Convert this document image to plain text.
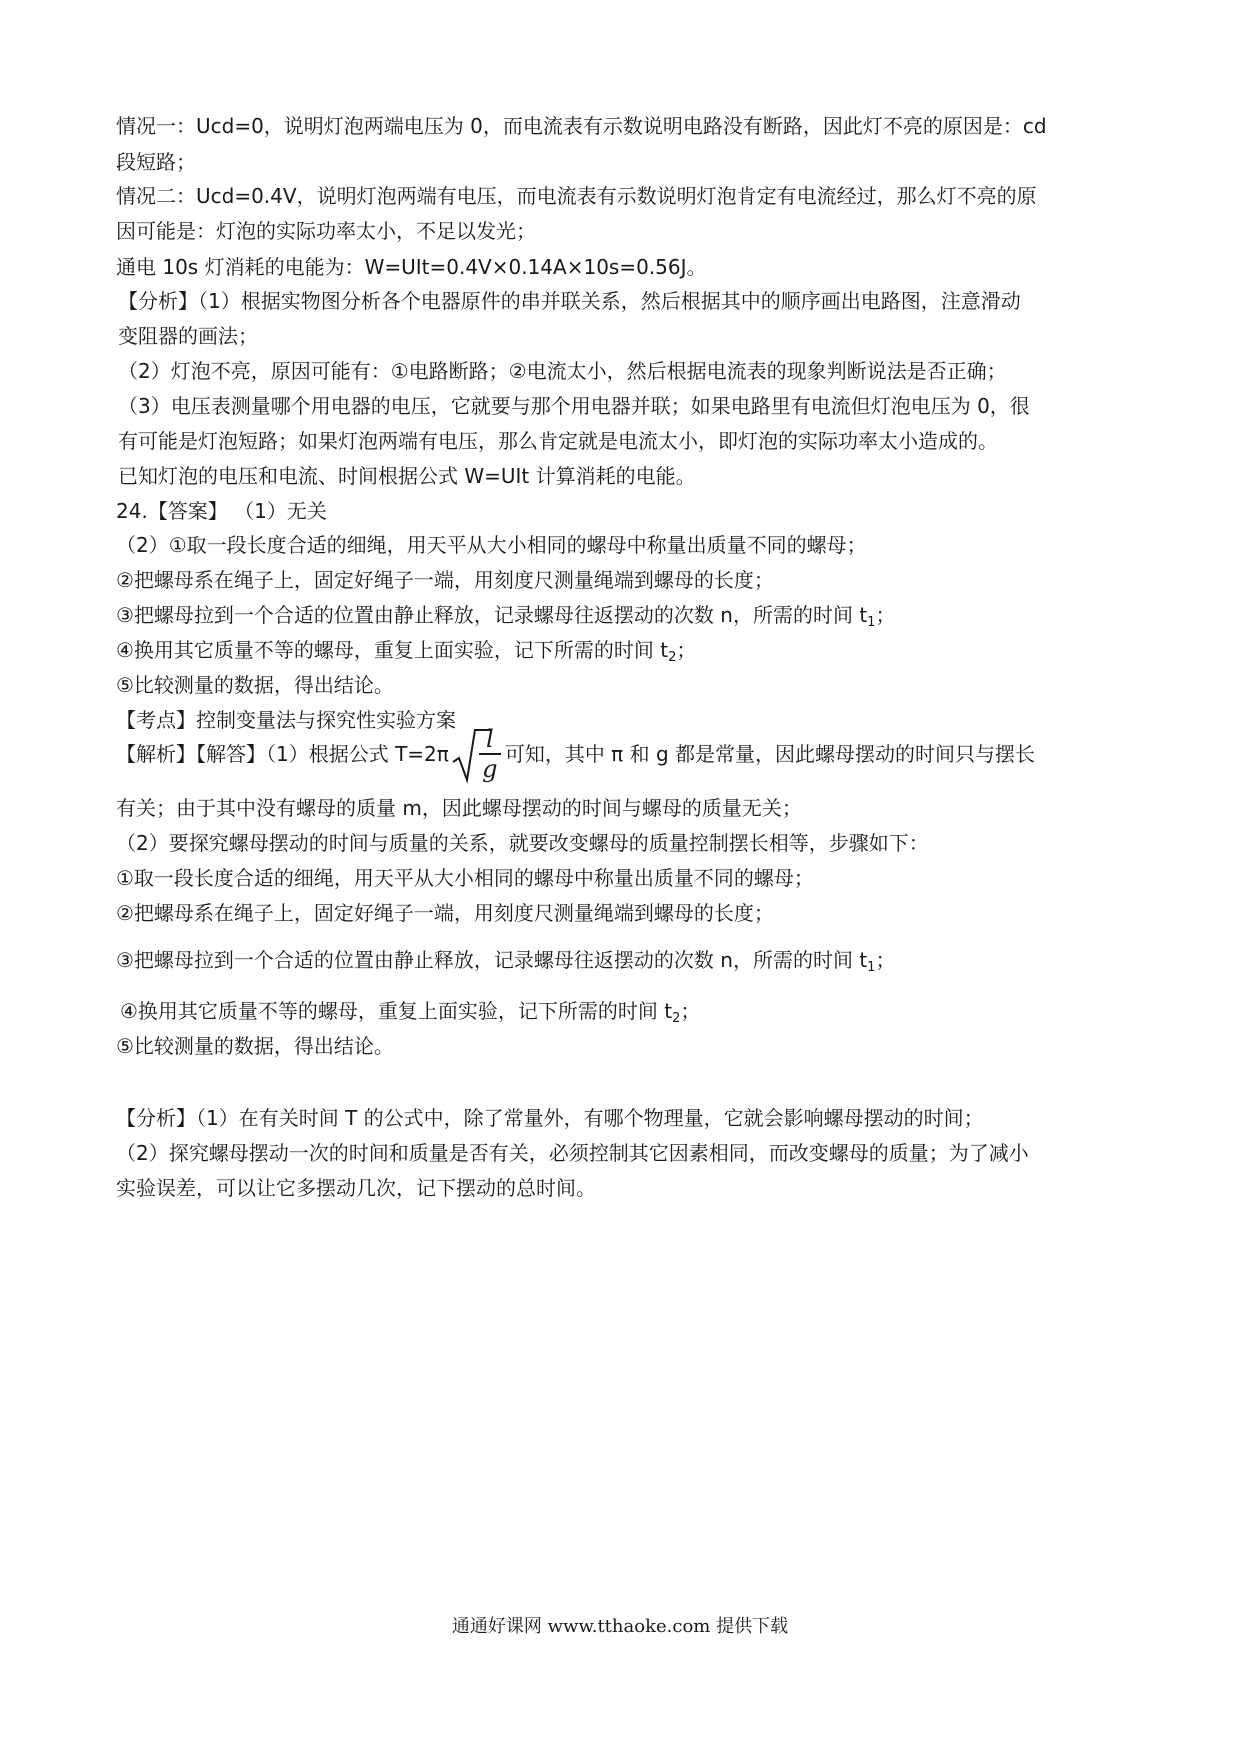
情况一：Ucd=0，说明灯泡两端电压为 0，而电流表有示数说明电路没有断路，因此灯不亮的原因是：cd
段短路；
情况二：Ucd=0.4V，说明灯泡两端有电压，而电流表有示数说明灯泡肯定有电流经过，那么灯不亮的原
因可能是：灯泡的实际功率太小，不足以发光；
通电 10s 灯消耗的电能为：W=UIt=0.4V×0.14A×10s=0.56J。
【分析】（1）根据实物图分析各个电器原件的串并联关系，然后根据其中的顺序画出电路图，注意滑动
变阻器的画法；
（2）灯泡不亮，原因可能有：①电路断路；②电流太小，然后根据电流表的现象判断说法是否正确；
（3）电压表测量哪个用电器的电压，它就要与那个用电器并联；如果电路里有电流但灯泡电压为 0，很
有可能是灯泡短路；如果灯泡两端有电压，那么肯定就是电流太小，即灯泡的实际功率太小造成的。
已知灯泡的电压和电流、时间根据公式 W=UIt 计算消耗的电能。
24.【答案】 （1）无关
（2）①取一段长度合适的细绳，用天平从大小相同的螺母中称量出质量不同的螺母；
②把螺母系在绳子上，固定好绳子一端，用刻度尺测量绳端到螺母的长度；
③把螺母拉到一个合适的位置由静止释放，记录螺母往返摆动的次数 n，所需的时间 $t_1$；
④换用其它质量不等的螺母，重复上面实验，记下所需的时间 $t_2$；
⑤比较测量的数据，得出结论。
【考点】控制变量法与探究性实验方案
【解析】【解答】（1）根据公式 $T=2\pi \frac{l}{g}$ 可知，其中 π 和 g 都是常量，因此螺母摆动的时间只与摆长
有关；由于其中没有螺母的质量 m，因此螺母摆动的时间与螺母的质量无关；
（2）要探究螺母摆动的时间与质量的关系，就要改变螺母的质量控制摆长相等，步骤如下：
①取一段长度合适的细绳，用天平从大小相同的螺母中称量出质量不同的螺母；
②把螺母系在绳子上，固定好绳子一端，用刻度尺测量绳端到螺母的长度；
③把螺母拉到一个合适的位置由静止释放，记录螺母往返摆动的次数 n，所需的时间 $t_1$；
④换用其它质量不等的螺母，重复上面实验，记下所需的时间 $t_2$；
⑤比较测量的数据，得出结论。
【分析】（1）在有关时间 T 的公式中，除了常量外，有哪个物理量，它就会影响螺母摆动的时间；
（2）探究螺母摆动一次的时间和质量是否有关，必须控制其它因素相同，而改变螺母的质量；为了减小
实验误差，可以让它多摆动几次，记下摆动的总时间。
通通好课网 www.tthaoke.com 提供下载
